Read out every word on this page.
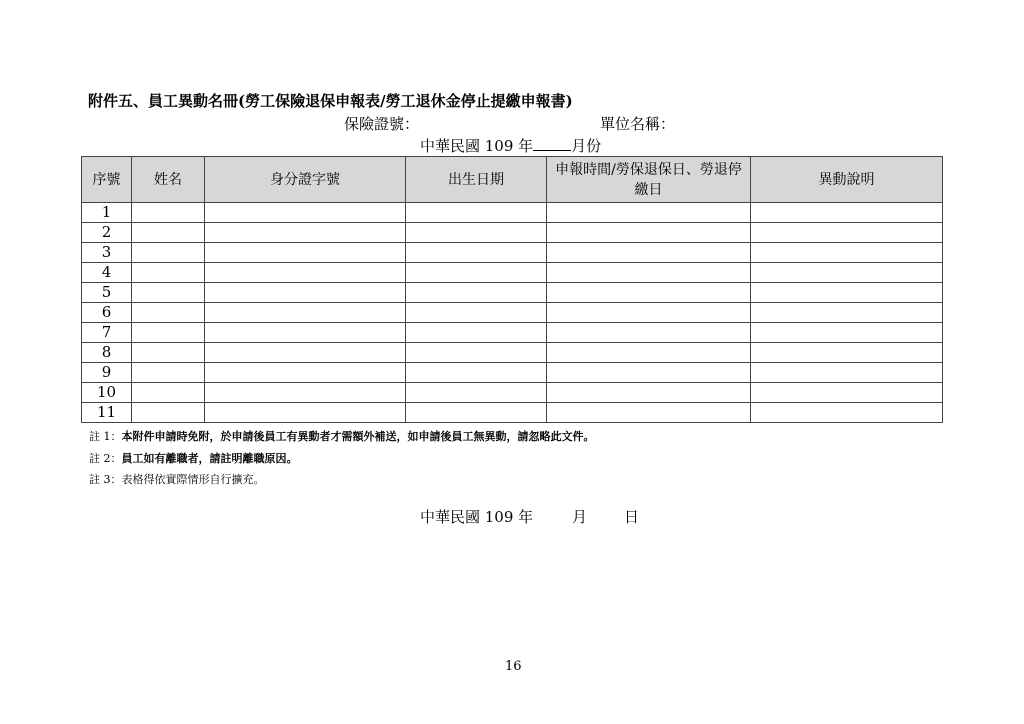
附件五、員工異動名冊(勞工保險退保申報表/勞工退休金停止提繳申報書)
保險證號：	單位名稱：
中華民國 109 年	月份
序號	姓名	身分證字號	出生日期	申報時間/勞保退保日、勞退停繳日	異動說明
1					
2					
3					
4					
5					
6					
7					
8					
9					
10					
11					
註 1：本附件申請時免附，於申請後員工有異動者才需額外補送，如申請後員工無異動，請忽略此文件。
註 2：員工如有離職者，請註明離職原因。
註 3：表格得依實際情形自行擴充。
中華民國 109 年	月 日
16
